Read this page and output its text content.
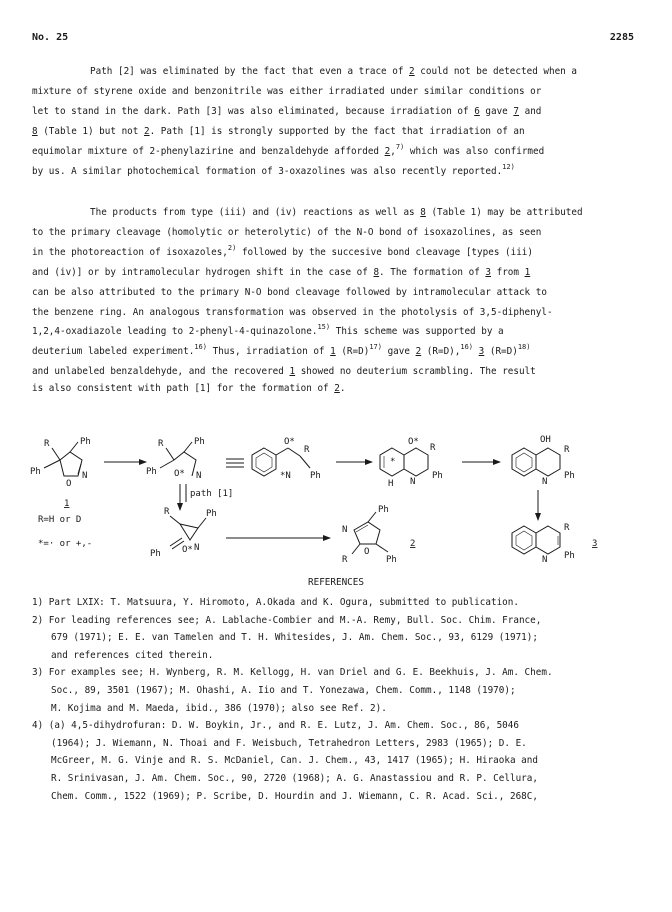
No. 25	2285

Path [2] was eliminated by the fact that even a trace of 2 could not be detected when a

mixture of styrene oxide and benzonitrile was either irradiated under similar conditions or

let to stand in the dark. Path [3] was also eliminated, because irradiation of 6 gave 7 and

8 (Table 1) but not 2. Path [1] is strongly supported by the fact that irradiation of an

equimolar mixture of 2-phenylazirine and benzaldehyde afforded 2,$^{7)}$ which was also confirmed

by us. A similar photochemical formation of 3-oxazolines was also recently reported.$^{12)}$

The products from type (iii) and (iv) reactions as well as 8 (Table 1) may be attributed

to the primary cleavage (homolytic or heterolytic) of the N-O bond of isoxazolines, as seen

in the photoreaction of isoxazoles,$^{2)}$ followed by the succesive bond cleavage [types (iii)

and (iv)] or by intramolecular hydrogen shift in the case of 8. The formation of 3 from 1

can be also attributed to the primary N-O bond cleavage followed by intramolecular attack to

the benzene ring. An analogous transformation was observed in the photolysis of 3,5-diphenyl-

1,2,4-oxadiazole leading to 2-phenyl-4-quinazolone.$^{15)}$ This scheme was supported by a

deuterium labeled experiment.$^{16)}$ Thus, irradiation of 1 (R=D)$^{17)}$ gave 2 (R=D),$^{16)}$ 3 (R=D)$^{18)}$

and unlabeled benzaldehyde, and the recovered 1 showed no deuterium scrambling. The result

is also consistent with path [1] for the formation of 2.

R	Ph
Ph
O
N
1
R=H or D
*=· or +,-
R	Ph
Ph O* N
O*
R
*N Ph
*
O*
R
H N
Ph
OH
R
N
Ph
R
N Ph
3
path [1]
R	Ph
Ph O* N
N
Ph
O
R	Ph
2
REFERENCES
1) Part LXIX: T. Matsuura, Y. Hiromoto, A.Okada and K. Ogura, submitted to publication.
2) For leading references see; A. Lablache-Combier and M.-A. Remy, Bull. Soc. Chim. France,
679 (1971); E. E. van Tamelen and T. H. Whitesides, J. Am. Chem. Soc., 93, 6129 (1971);
and references cited therein.
3) For examples see; H. Wynberg, R. M. Kellogg, H. van Driel and G. E. Beekhuis, J. Am. Chem.
Soc., 89, 3501 (1967); M. Ohashi, A. Iio and T. Yonezawa, Chem. Comm., 1148 (1970);
M. Kojima and M. Maeda, ibid., 386 (1970); also see Ref. 2).
4) (a) 4,5-dihydrofuran: D. W. Boykin, Jr., and R. E. Lutz, J. Am. Chem. Soc., 86, 5046
(1964); J. Wiemann, N. Thoai and F. Weisbuch, Tetrahedron Letters, 2983 (1965); D. E.
McGreer, M. G. Vinje and R. S. McDaniel, Can. J. Chem., 43, 1417 (1965); H. Hiraoka and
R. Srinivasan, J. Am. Chem. Soc., 90, 2720 (1968); A. G. Anastassiou and R. P. Cellura,
Chem. Comm., 1522 (1969); P. Scribe, D. Hourdin and J. Wiemann, C. R. Acad. Sci., 268C,
